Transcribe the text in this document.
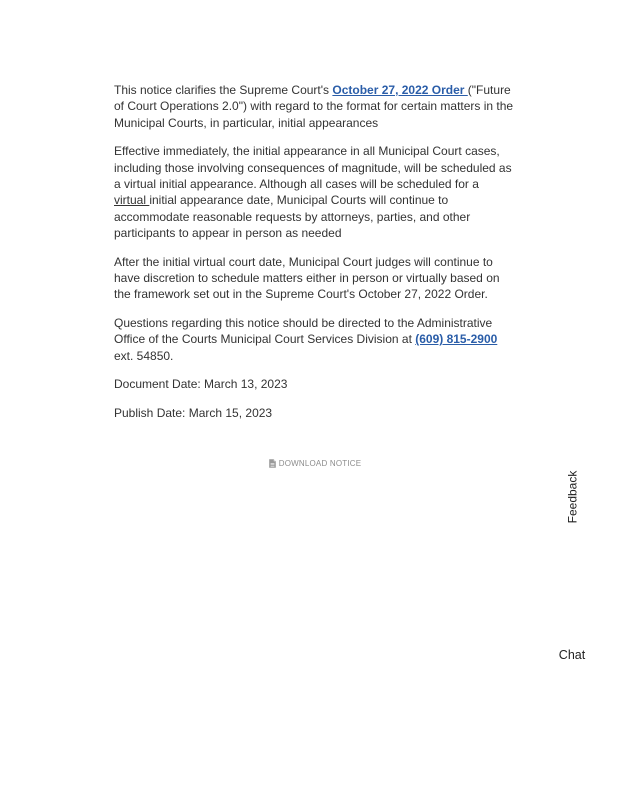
This notice clarifies the Supreme Court's October 27, 2022 Order ("Future of Court Operations 2.0") with regard to the format for certain matters in the Municipal Courts, in particular, initial appearances

Effective immediately, the initial appearance in all Municipal Court cases, including those involving consequences of magnitude, will be scheduled as a virtual initial appearance. Although all cases will be scheduled for a virtual initial appearance date, Municipal Courts will continue to accommodate reasonable requests by attorneys, parties, and other participants to appear in person as needed

After the initial virtual court date, Municipal Court judges will continue to have discretion to schedule matters either in person or virtually based on the framework set out in the Supreme Court's October 27, 2022 Order.

Questions regarding this notice should be directed to the Administrative Office of the Courts Municipal Court Services Division at (609) 815-2900 ext. 54850.

Document Date: March 13, 2023

Publish Date: March 15, 2023

DOWNLOAD NOTICE
Feedback
Chat
